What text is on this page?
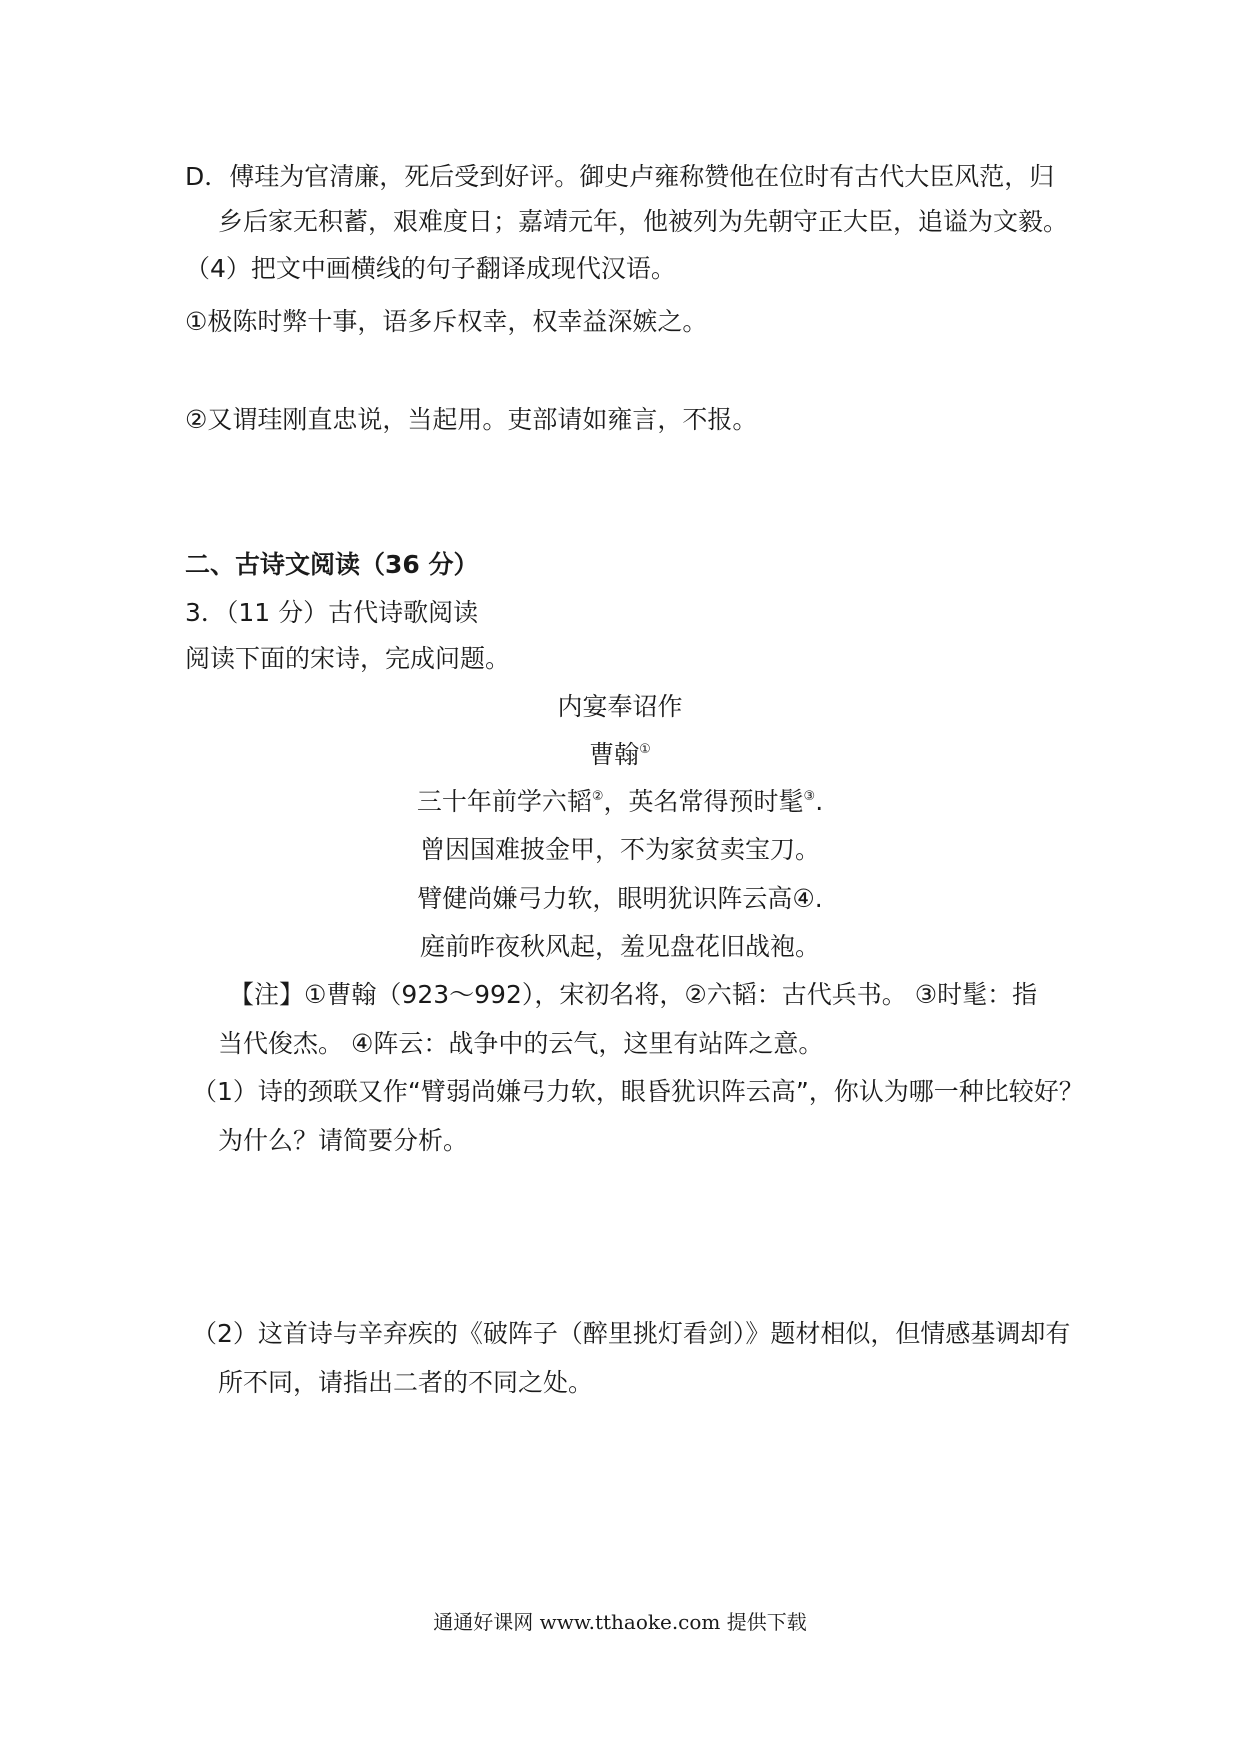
D．傅珪为官清廉，死后受到好评。御史卢雍称赞他在位时有古代大臣风范，归
乡后家无积蓄，艰难度日；嘉靖元年，他被列为先朝守正大臣，追谥为文毅。
（4）把文中画横线的句子翻译成现代汉语。
①极陈时弊十事，语多斥权幸，权幸益深嫉之。
②又谓珪刚直忠说，当起用。吏部请如雍言，不报。
二、古诗文阅读（36 分）
3．（11 分）古代诗歌阅读
阅读下面的宋诗，完成问题。
内宴奉诏作
曹翰①
三十年前学六韬②，英名常得预时髦③.
曾因国难披金甲，不为家贫卖宝刀。
臂健尚嫌弓力软，眼明犹识阵云高④.
庭前昨夜秋风起，羞见盘花旧战袍。
【注】①曹翰（923～992），宋初名将，②六韬：古代兵书。 ③时髦：指
当代俊杰。 ④阵云：战争中的云气，这里有站阵之意。
（1）诗的颈联又作“臂弱尚嫌弓力软，眼昏犹识阵云高”，你认为哪一种比较好？
为什么？请简要分析。
（2）这首诗与辛弃疾的《破阵子（醉里挑灯看剑）》题材相似，但情感基调却有
所不同，请指出二者的不同之处。
通通好课网 www.tthaoke.com 提供下载
